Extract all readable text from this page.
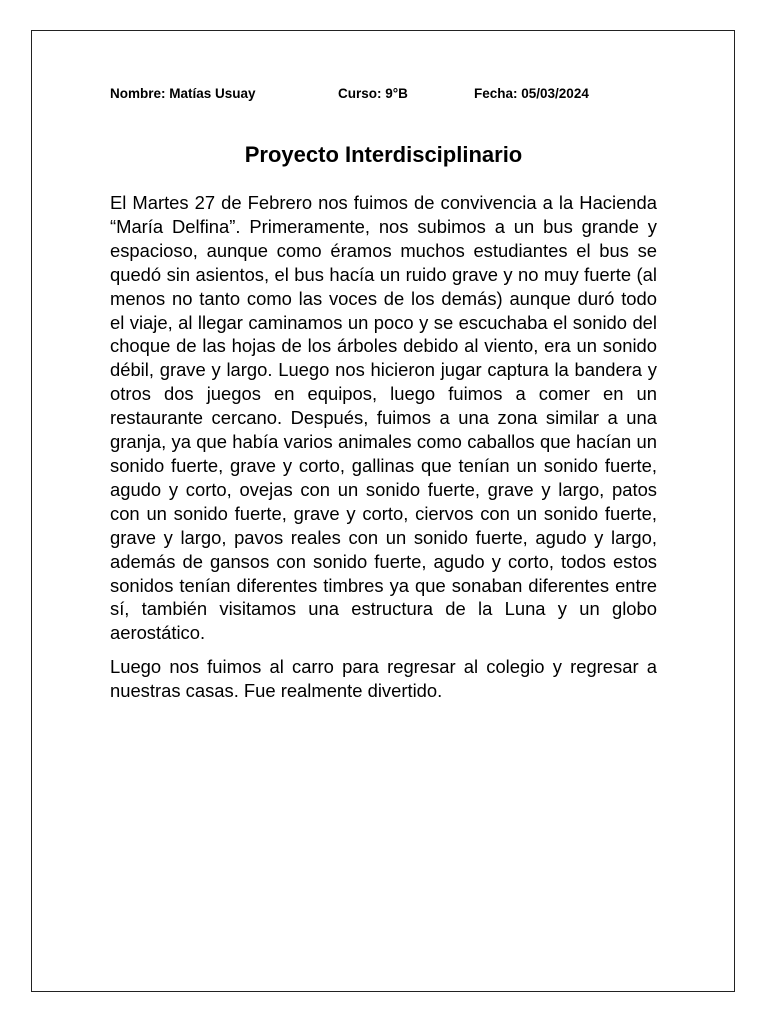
Nombre: Matías Usuay	Curso: 9°B	Fecha: 05/03/2024
Proyecto Interdisciplinario

El Martes 27 de Febrero nos fuimos de convivencia a la Hacienda “María Delfina”. Primeramente, nos subimos a un bus grande y espacioso, aunque como éramos muchos estudiantes el bus se quedó sin asientos, el bus hacía un ruido grave y no muy fuerte (al menos no tanto como las voces de los demás) aunque duró todo el viaje, al llegar caminamos un poco y se escuchaba el sonido del choque de las hojas de los árboles debido al viento, era un sonido débil, grave y largo. Luego nos hicieron jugar captura la bandera y otros dos juegos en equipos, luego fuimos a comer en un restaurante cercano. Después, fuimos a una zona similar a una granja, ya que había varios animales como caballos que hacían un sonido fuerte, grave y corto, gallinas que tenían un sonido fuerte, agudo y corto, ovejas con un sonido fuerte, grave y largo, patos con un sonido fuerte, grave y corto, ciervos con un sonido fuerte, grave y largo, pavos reales con un sonido fuerte, agudo y largo, además de gansos con sonido fuerte, agudo y corto, todos estos sonidos tenían diferentes timbres ya que sonaban diferentes entre sí, también visitamos una estructura de la Luna y un globo aerostático.

Luego nos fuimos al carro para regresar al colegio y regresar a nuestras casas. Fue realmente divertido.
